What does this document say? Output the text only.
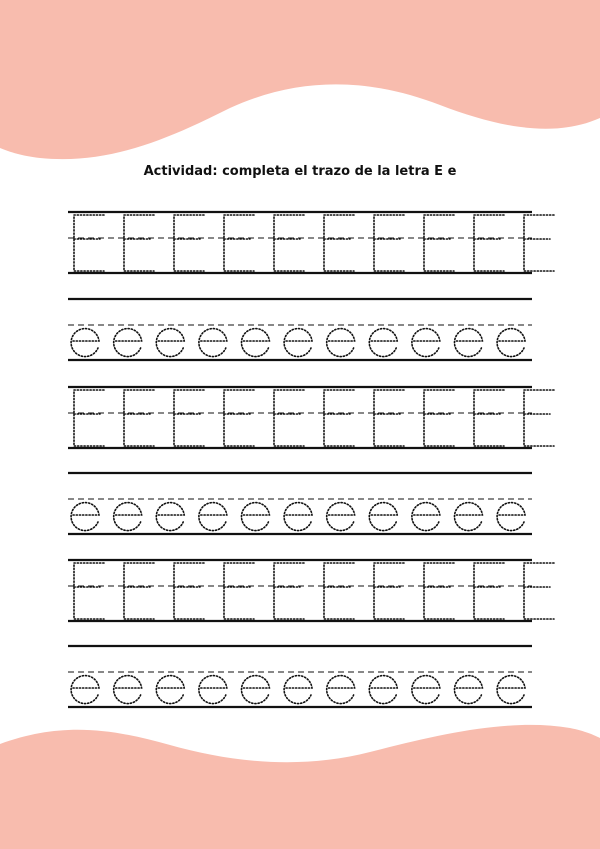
Actividad: completa el trazo de la letra E e
